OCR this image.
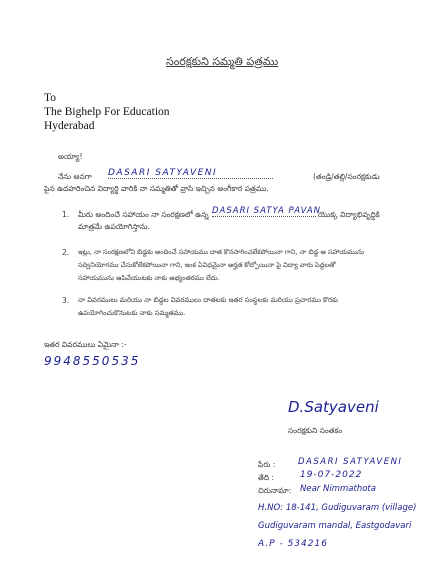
సంరక్షకుని సమ్మతి పత్రము
To
The Bighelp For Education
Hyderabad
అయ్యా!
నేను అనగా DASARI SATYAVENI	(తండ్రి/తల్లి/సంరక్షకుడు
పైన ఉదహరించిన విద్యార్థి వారికి నా సమ్మతితో వ్రాసి ఇచ్చిన అంగీకార పత్రము.
1. మీరు అందించే సహాయం నా సంరక్షణలో ఉన్న DASARI SATYA PAVAN
యొక్క విద్యాభివృద్ధికి
మాత్రమే ఉపయోగిస్తాను.
2. ఇట్లు, నా సంరక్షణలోని బిడ్డకు అందించే సహాయము దాత కొనసాగించలేకపోయినా గాని, నా బిడ్డ ఆ సహాయమును
సద్వినియోగము చేసుకోలేకపోయినా గాని, ఇంక ఏవిధమైనా అర్హత కోల్పోయినా పై విద్యా వారు పెద్దలతో
సహాయమును ఆపివేయుటకు నాకు అభ్యంతరము లేదు.
3. నా వివరములు మరియు నా బిడ్డల వివరములు దాతలకు ఇతర సంస్థలకు మరియు ప్రచారము కొరకు
ఉపయోగించుకొనుటకు నాకు సమ్మతము.
ఇతర వివరములు ఏమైనా :-
9948550535
D.Satyaveni
సంరక్షకుని సంతకం
పేరు :	DASARI SATYAVENI
తేది :	19-07-2022
చిరునామా: Near Nimmathota
H.NO: 18-141, Gudiguvaram (village)
Gudiguvaram mandal, Eastgodavari
A.P - 534216
